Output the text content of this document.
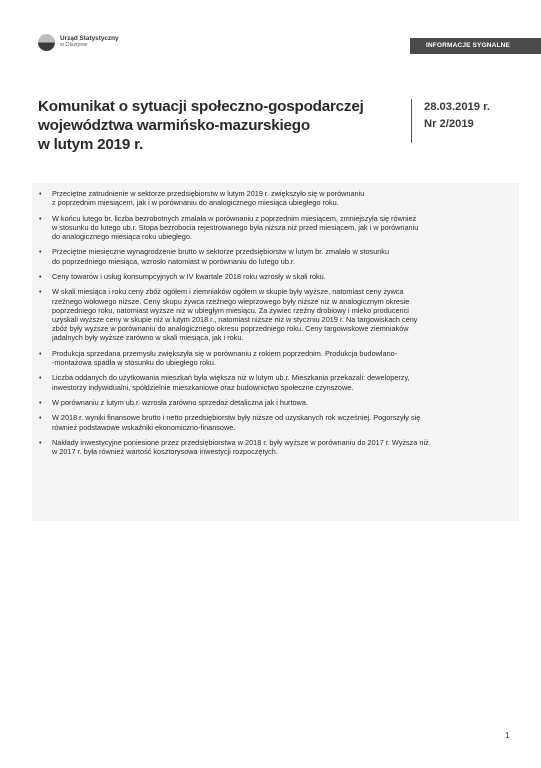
Urząd Statystyczny
w Olsztynie	INFORMACJE SYGNALNE
Komunikat o sytuacji społeczno-gospodarczej
województwa warmińsko-mazurskiego
w lutym 2019 r.
28.03.2019 r.
Nr 2/2019
• Przeciętne zatrudnienie w sektorze przedsiębiorstw w lutym 2019 r. zwiększyło się w porównaniu
z poprzednim miesiącem, jak i w porównaniu do analogicznego miesiąca ubiegłego roku.
• W końcu lutego br. liczba bezrobotnych zmalała w porównaniu z poprzednim miesiącem, zmniejszyła się również
w stosunku do lutego ub.r. Stopa bezrobocia rejestrowanego była niższa niż przed miesiącem, jak i w porównaniu
do analogicznego miesiąca roku ubiegłego.
• Przeciętne miesięczne wynagrodzenie brutto w sektorze przedsiębiorstw w lutym br. zmalało w stosunku
do poprzedniego miesiąca, wzrosło natomiast w porównaniu do lutego ub.r.
• Ceny towarów i usług konsumpcyjnych w IV kwartale 2018 roku wzrosły w skali roku.
• W skali miesiąca i roku ceny zbóż ogółem i ziemniaków ogółem w skupie były wyższe, natomiast ceny żywca
rzeźnego wołowego niższe. Ceny skupu żywca rzeźnego wieprzowego były niższe niż w analogicznym okresie
poprzedniego roku, natomiast wyższe niż w ubiegłym miesiącu. Za żywiec rzeźny drobiowy i mleko producenci
uzyskali wyższe ceny w skupie niż w lutym 2018 r., natomiast niższe niż w styczniu 2019 r. Na targowiskach ceny
zbóż były wyższe w porównaniu do analogicznego okresu poprzedniego roku. Ceny targowiskowe ziemniaków
jadalnych były wyższe zarówno w skali miesiąca, jak i roku.
• Produkcja sprzedana przemysłu zwiększyła się w porównaniu z rokiem poprzednim. Produkcja budowlano-
-montażowa spadła w stosunku do ubiegłego roku.
• Liczba oddanych do użytkowania mieszkań była większa niż w lutym ub.r. Mieszkania przekazali: deweloperzy,
inwestorzy indywidualni, spółdzielnie mieszkaniowe oraz budownictwo społeczne czynszowe.
• W porównaniu z lutym ub.r. wzrosła zarówno sprzedaż detaliczna jak i hurtowa.
• W 2018 r. wyniki finansowe brutto i netto przedsiębiorstw były niższe od uzyskanych rok wcześniej. Pogorszyły się
również podstawowe wskaźniki ekonomiczno-finansowe.
• Nakłady inwestycyjne poniesione przez przedsiębiorstwa w 2018 r. były wyższe w porównaniu do 2017 r. Wyższa niż
w 2017 r. była również wartość kosztorysowa inwestycji rozpoczętych.
1
